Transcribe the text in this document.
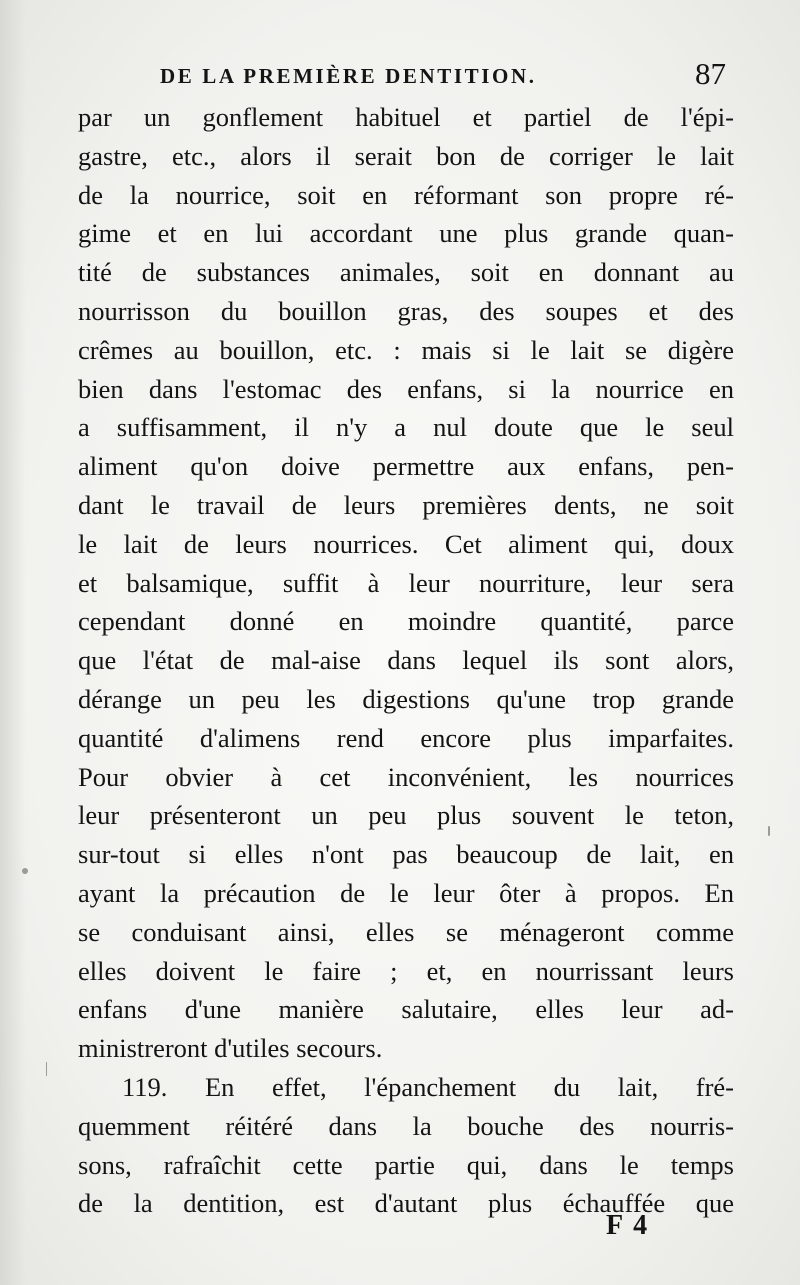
DE LA PREMIÈRE DENTITION.	87
par un gonflement habituel et partiel de l'épi-
gastre, etc., alors il serait bon de corriger le lait
de la nourrice, soit en réformant son propre ré-
gime et en lui accordant une plus grande quan-
tité de substances animales, soit en donnant au
nourrisson du bouillon gras, des soupes et des
crêmes au bouillon, etc. : mais si le lait se digère
bien dans l'estomac des enfans, si la nourrice en
a suffisamment, il n'y a nul doute que le seul
aliment qu'on doive permettre aux enfans, pen-
dant le travail de leurs premières dents, ne soit
le lait de leurs nourrices. Cet aliment qui, doux
et balsamique, suffit à leur nourriture, leur sera
cependant donné en moindre quantité, parce
que l'état de mal-aise dans lequel ils sont alors,
dérange un peu les digestions qu'une trop grande
quantité d'alimens rend encore plus imparfaites.
Pour obvier à cet inconvénient, les nourrices
leur présenteront un peu plus souvent le teton,
sur-tout si elles n'ont pas beaucoup de lait, en
ayant la précaution de le leur ôter à propos. En
se conduisant ainsi, elles se ménageront comme
elles doivent le faire ; et, en nourrissant leurs
enfans d'une manière salutaire, elles leur ad-
ministreront d'utiles secours.
119. En effet, l'épanchement du lait, fré-
quemment réitéré dans la bouche des nourris-
sons, rafraîchit cette partie qui, dans le temps
de la dentition, est d'autant plus échauffée que
F 4
